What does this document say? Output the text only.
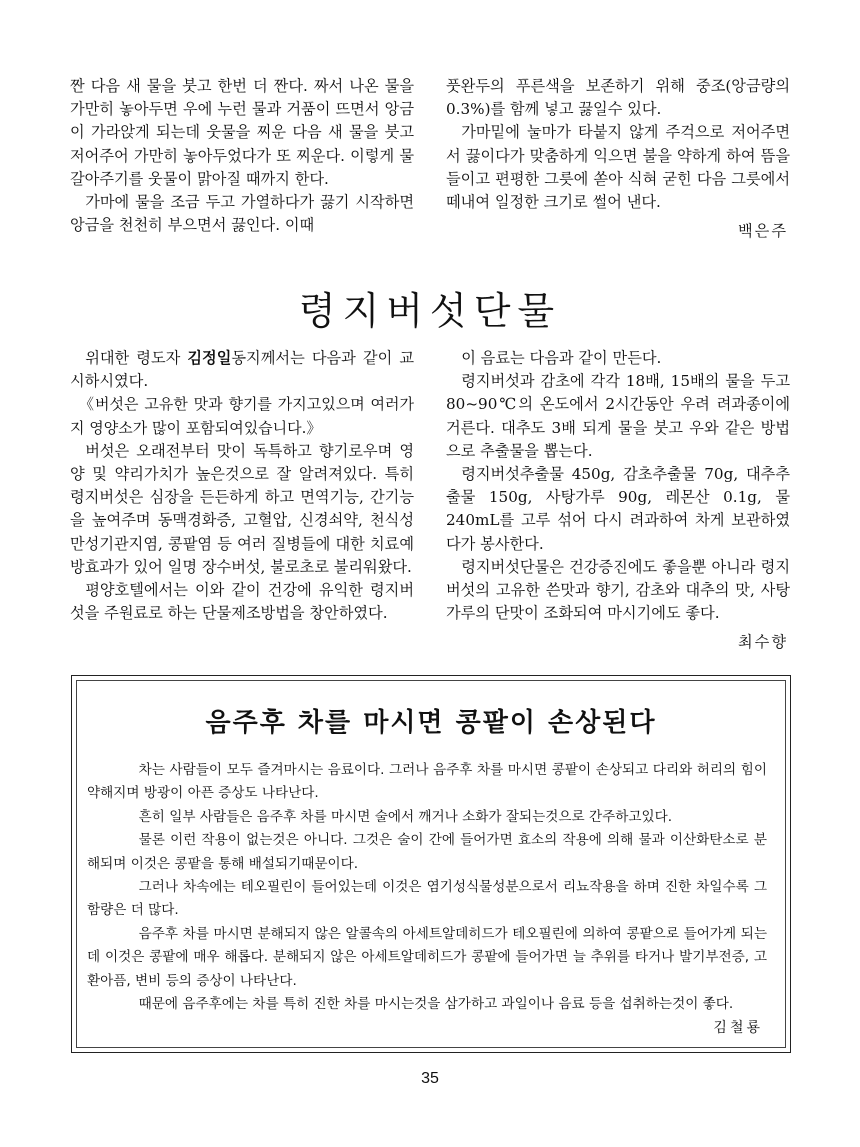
짠 다음 새 물을 붓고 한번 더 짠다. 짜서 나온 물을 가만히 놓아두면 우에 누런 물과 거품이 뜨면서 앙금이 가라앉게 되는데 웃물을 찌운 다음 새 물을 붓고 저어주어 가만히 놓아두었다가 또 찌운다. 이렇게 물갈아주기를 웃물이 맑아질 때까지 한다.

가마에 물을 조금 두고 가열하다가 끓기 시작하면 앙금을 천천히 부으면서 끓인다. 이때

풋완두의 푸른색을 보존하기 위해 중조(앙금량의 0.3%)를 함께 넣고 끓일수 있다.

가마밑에 눌마가 타붙지 않게 주걱으로 저어주면서 끓이다가 맞춤하게 익으면 불을 약하게 하여 뜸을 들이고 편평한 그릇에 쏟아 식혀 굳힌 다음 그릇에서 떼내여 일정한 크기로 썰어 낸다.

백은주
령지버섯단물

위대한 령도자 김정일동지께서는 다음과 같이 교시하시였다.

《버섯은 고유한 맛과 향기를 가지고있으며 여러가지 영양소가 많이 포함되여있습니다.》

버섯은 오래전부터 맛이 독특하고 향기로우며 영양 및 약리가치가 높은것으로 잘 알려져있다. 특히 령지버섯은 심장을 든든하게 하고 면역기능, 간기능을 높여주며 동맥경화증, 고혈압, 신경쇠약, 천식성만성기관지염, 콩팥염 등 여러 질병들에 대한 치료예방효과가 있어 일명 장수버섯, 불로초로 불리워왔다.

평양호텔에서는 이와 같이 건강에 유익한 령지버섯을 주원료로 하는 단물제조방법을 창안하였다.

이 음료는 다음과 같이 만든다.

령지버섯과 감초에 각각 18배, 15배의 물을 두고 80~90℃의 온도에서 2시간동안 우려 려과종이에 거른다. 대추도 3배 되게 물을 붓고 우와 같은 방법으로 추출물을 뽑는다.

령지버섯추출물 450g, 감초추출물 70g, 대추추출물 150g, 사탕가루 90g, 레몬산 0.1g, 물 240mL를 고루 섞어 다시 려과하여 차게 보관하였다가 봉사한다.

령지버섯단물은 건강증진에도 좋을뿐 아니라 령지버섯의 고유한 쓴맛과 향기, 감초와 대추의 맛, 사탕가루의 단맛이 조화되여 마시기에도 좋다.

최수향
음주후 차를 마시면 콩팥이 손상된다

차는 사람들이 모두 즐겨마시는 음료이다. 그러나 음주후 차를 마시면 콩팥이 손상되고 다리와 허리의 힘이 약해지며 방광이 아픈 증상도 나타난다.

흔히 일부 사람들은 음주후 차를 마시면 술에서 깨거나 소화가 잘되는것으로 간주하고있다.

물론 이런 작용이 없는것은 아니다. 그것은 술이 간에 들어가면 효소의 작용에 의해 물과 이산화탄소로 분해되며 이것은 콩팥을 통해 배설되기때문이다.

그러나 차속에는 테오필린이 들어있는데 이것은 염기성식물성분으로서 리뇨작용을 하며 진한 차일수록 그 함량은 더 많다.

음주후 차를 마시면 분해되지 않은 알콜속의 아세트알데히드가 테오필린에 의하여 콩팥으로 들어가게 되는데 이것은 콩팥에 매우 해롭다. 분해되지 않은 아세트알데히드가 콩팥에 들어가면 늘 추위를 타거나 발기부전증, 고환아픔, 변비 등의 증상이 나타난다.

때문에 음주후에는 차를 특히 진한 차를 마시는것을 삼가하고 과일이나 음료 등을 섭취하는것이 좋다.

김철룡
35
